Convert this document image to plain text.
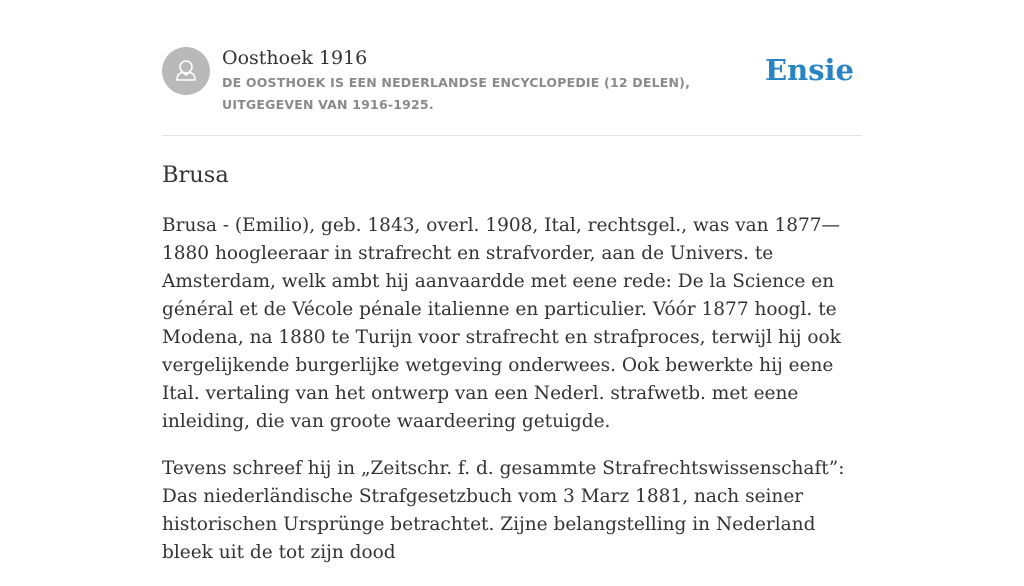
Oosthoek 1916
DE OOSTHOEK IS EEN NEDERLANDSE ENCYCLOPEDIE (12 DELEN), UITGEGEVEN VAN 1916-1925.
Ensie
Brusa

Brusa - (Emilio), geb. 1843, overl. 1908, Ital, rechtsgel., was van 1877—1880 hoogleeraar in strafrecht en strafvorder, aan de Univers. te Amsterdam, welk ambt hij aanvaardde met eene rede: De la Science en général et de Vécole pénale italienne en particulier. Vóór 1877 hoogl. te Modena, na 1880 te Turijn voor strafrecht en strafproces, terwijl hij ook vergelijkende burgerlijke wetgeving onderwees. Ook bewerkte hij eene Ital. vertaling van het ontwerp van een Nederl. strafwetb. met eene inleiding, die van groote waardeering getuigde.

Tevens schreef hij in „Zeitschr. f. d. gesammte Strafrechtswissenschaft”: Das niederländische Strafgesetzbuch vom 3 Marz 1881, nach seiner historischen Ursprünge betrachtet. Zijne belangstelling in Nederland bleek uit de tot zijn dood
